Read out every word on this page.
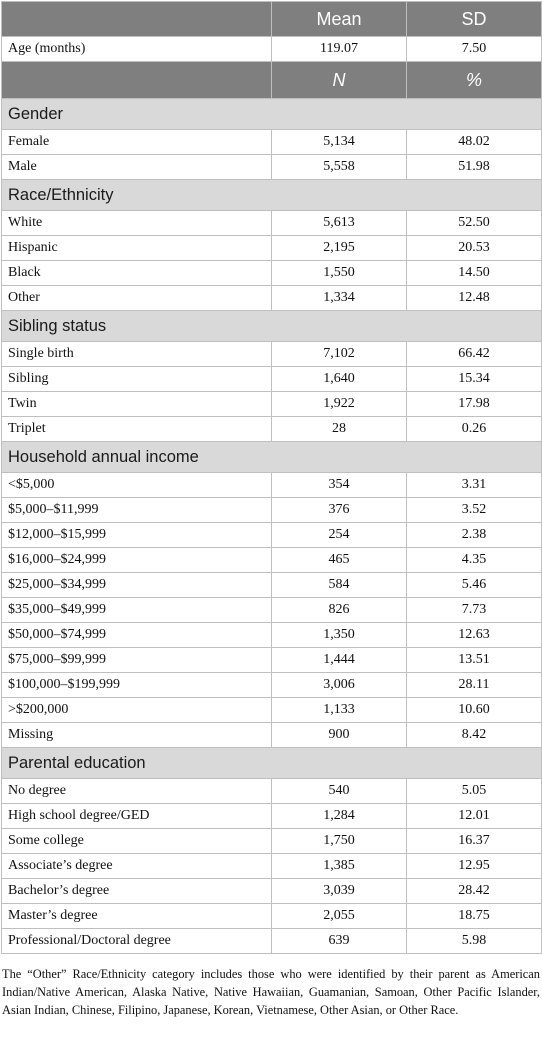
	Mean	SD
Age (months)	119.07	7.50
	N	%
Gender		
Female	5,134	48.02
Male	5,558	51.98
Race/Ethnicity		
White	5,613	52.50
Hispanic	2,195	20.53
Black	1,550	14.50
Other	1,334	12.48
Sibling status		
Single birth	7,102	66.42
Sibling	1,640	15.34
Twin	1,922	17.98
Triplet	28	0.26
Household annual income		
<$5,000	354	3.31
$5,000–$11,999	376	3.52
$12,000–$15,999	254	2.38
$16,000–$24,999	465	4.35
$25,000–$34,999	584	5.46
$35,000–$49,999	826	7.73
$50,000–$74,999	1,350	12.63
$75,000–$99,999	1,444	13.51
$100,000–$199,999	3,006	28.11
>$200,000	1,133	10.60
Missing	900	8.42
Parental education		
No degree	540	5.05
High school degree/GED	1,284	12.01
Some college	1,750	16.37
Associate’s degree	1,385	12.95
Bachelor’s degree	3,039	28.42
Master’s degree	2,055	18.75
Professional/Doctoral degree	639	5.98

The “Other” Race/Ethnicity category includes those who were identified by their parent as American Indian/Native American, Alaska Native, Native Hawaiian, Guamanian, Samoan, Other Pacific Islander, Asian Indian, Chinese, Filipino, Japanese, Korean, Vietnamese, Other Asian, or Other Race.
